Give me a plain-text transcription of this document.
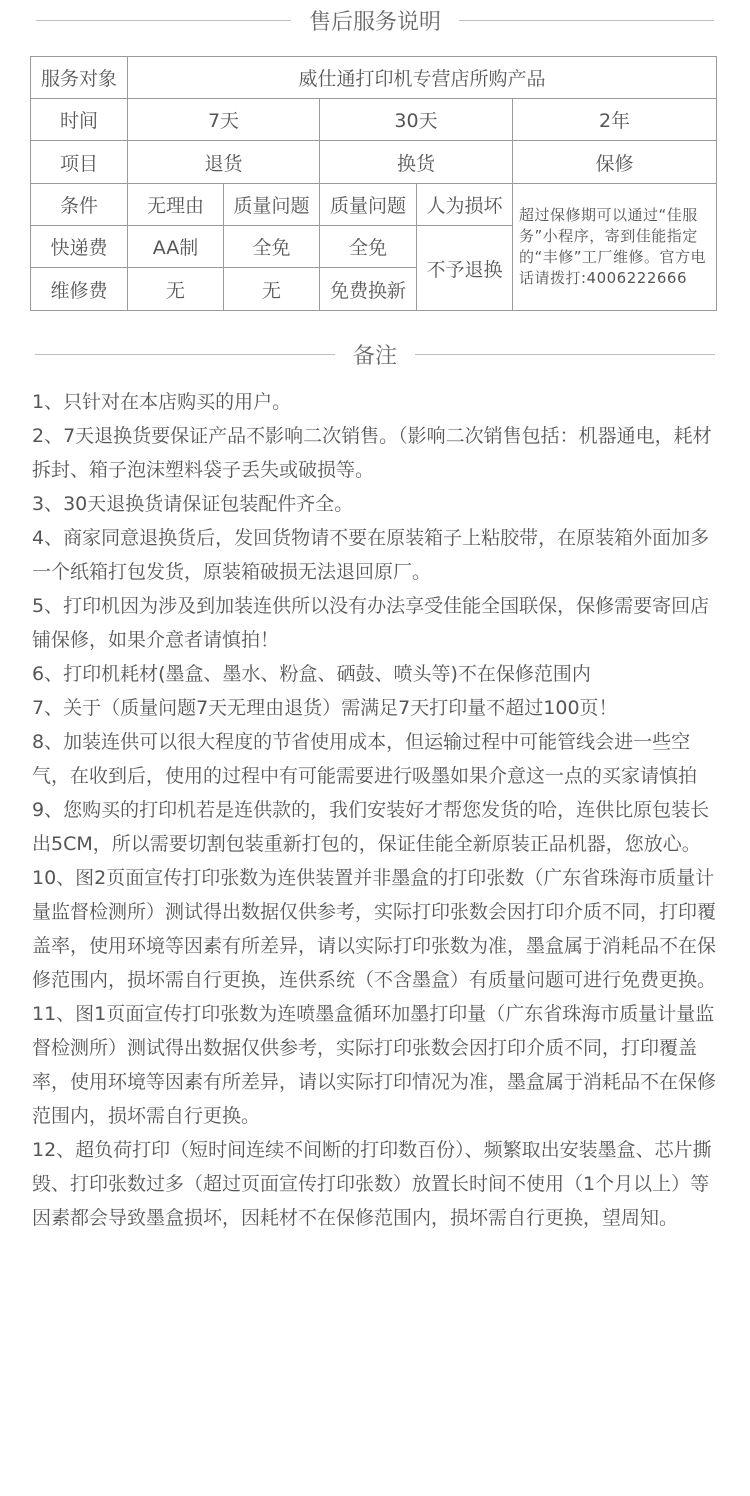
售后服务说明
服务对象	威仕通打印机专营店所购产品				
时间	7天		30天		2年
项目	退货		换货		保修
条件	无理由	质量问题	质量问题	人为损坏	超过保修期可以通过“佳服务”小程序，寄到佳能指定的“丰修”工厂维修。官方电话请拨打:4006222666
快递费	AA制	全免	全免	不予退换	
维修费	无	无	免费换新		
备注

1、只针对在本店购买的用户。

2、7天退换货要保证产品不影响二次销售。（影响二次销售包括：机器通电，耗材拆封、箱子泡沫塑料袋子丢失或破损等。

3、30天退换货请保证包装配件齐全。

4、商家同意退换货后，发回货物请不要在原装箱子上粘胶带，在原装箱外面加多一个纸箱打包发货，原装箱破损无法退回原厂。

5、打印机因为涉及到加装连供所以没有办法享受佳能全国联保，保修需要寄回店铺保修，如果介意者请慎拍！

6、打印机耗材(墨盒、墨水、粉盒、硒鼓、喷头等)不在保修范围内

7、关于（质量问题7天无理由退货）需满足7天打印量不超过100页！

8、加装连供可以很大程度的节省使用成本，但运输过程中可能管线会进一些空气，在收到后，使用的过程中有可能需要进行吸墨如果介意这一点的买家请慎拍

9、您购买的打印机若是连供款的，我们安装好才帮您发货的哈，连供比原包装长出5CM，所以需要切割包装重新打包的，保证佳能全新原装正品机器，您放心。

10、图2页面宣传打印张数为连供装置并非墨盒的打印张数（广东省珠海市质量计量监督检测所）测试得出数据仅供参考，实际打印张数会因打印介质不同，打印覆盖率，使用环境等因素有所差异，请以实际打印张数为准，墨盒属于消耗品不在保修范围内，损坏需自行更换，连供系统（不含墨盒）有质量问题可进行免费更换。

11、图1页面宣传打印张数为连喷墨盒循环加墨打印量（广东省珠海市质量计量监督检测所）测试得出数据仅供参考，实际打印张数会因打印介质不同，打印覆盖率，使用环境等因素有所差异，请以实际打印情况为准，墨盒属于消耗品不在保修范围内，损坏需自行更换。

12、超负荷打印（短时间连续不间断的打印数百份）、频繁取出安装墨盒、芯片撕毁、打印张数过多（超过页面宣传打印张数）放置长时间不使用（1个月以上）等因素都会导致墨盒损坏，因耗材不在保修范围内，损坏需自行更换，望周知。
